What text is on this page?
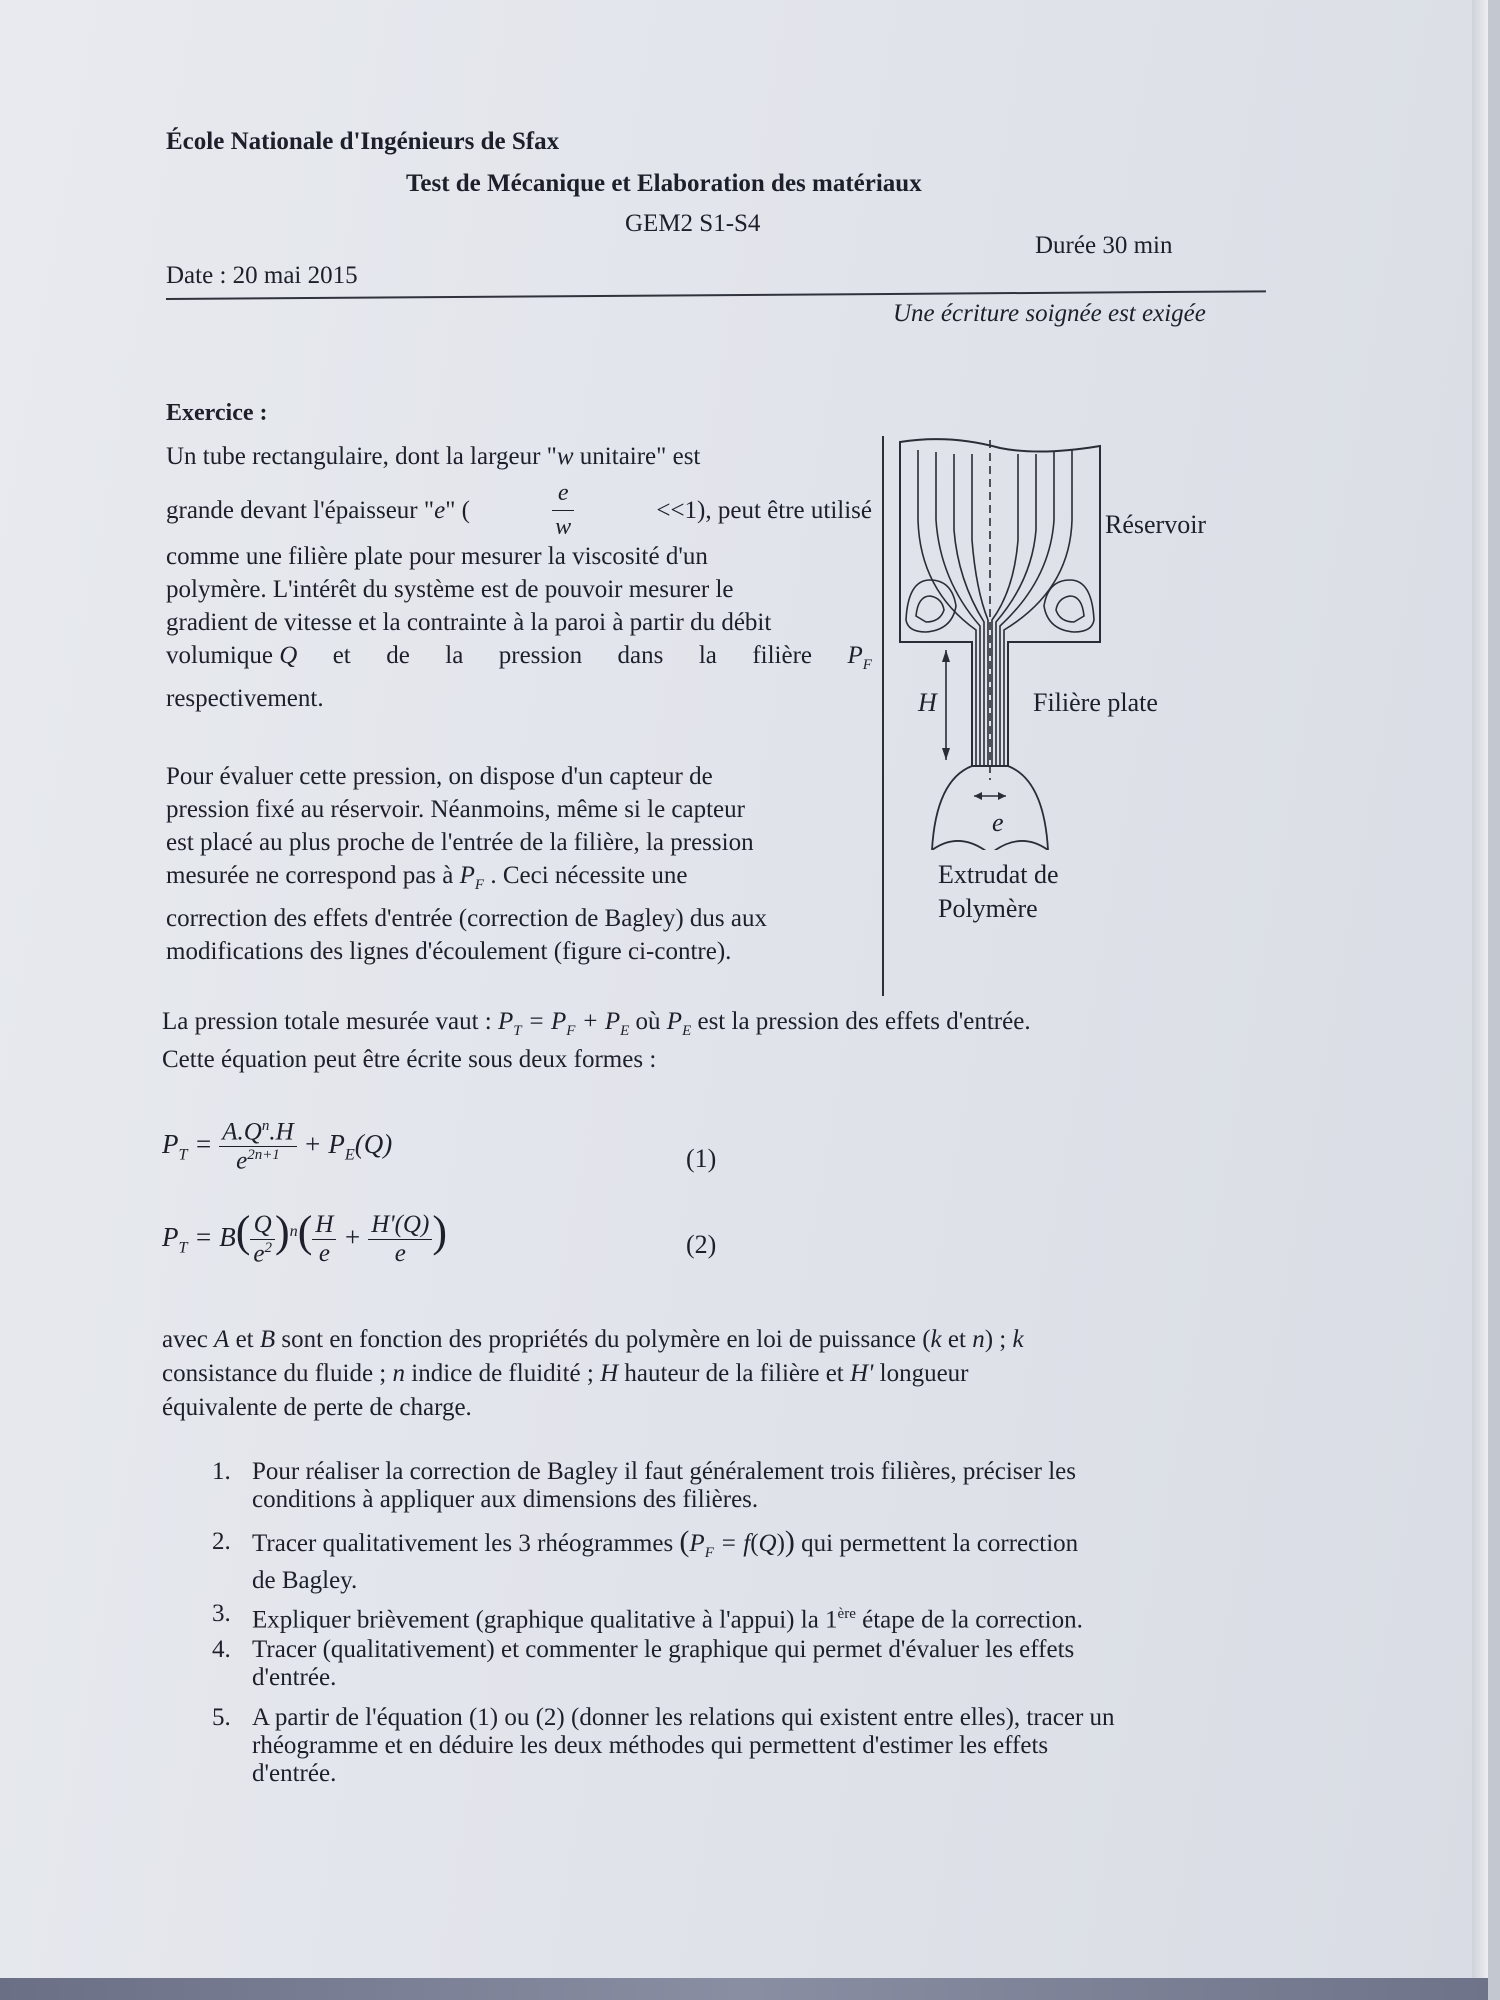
École Nationale d'Ingénieurs de Sfax
Test de Mécanique et Elaboration des matériaux
GEM2 S1-S4
Durée 30 min
Date : 20 mai 2015
Une écriture soignée est exigée
Exercice :
Un tube rectangulaire, dont la largeur "w unitaire" est
grande devant l'épaisseur "e" (	$\frac{e}{w}$	<<1), peut être utilisé
comme une filière plate pour mesurer la viscosité d'un
polymère. L'intérêt du système est de pouvoir mesurer le
gradient de vitesse et la contrainte à la paroi à partir du débit
volumique Q et de la pression dans la filière $P_F$
respectivement.
Pour évaluer cette pression, on dispose d'un capteur de
pression fixé au réservoir. Néanmoins, même si le capteur
est placé au plus proche de l'entrée de la filière, la pression
mesurée ne correspond pas à $P_F$ . Ceci nécessite une
correction des effets d'entrée (correction de Bagley) dus aux
modifications des lignes d'écoulement (figure ci-contre).
Réservoir
Filière plate
H
e
Extrudat de
Polymère
La pression totale mesurée vaut : $P_T = P_F + P_E$ où $P_E$ est la pression des effets d'entrée.
Cette équation peut être écrite sous deux formes :
$P_T = \frac{A.Q^n.H}{e^{2n+1}} + P_E(Q)$	(1)
$P_T = B( \frac{Q}{e^2} )^n( \frac{H}{e} + \frac{H'(Q)}{e}$ )	(2)
avec A et B sont en fonction des propriétés du polymère en loi de puissance (k et n) ; k
consistance du fluide ; n indice de fluidité ; H hauteur de la filière et H' longueur
équivalente de perte de charge.
1. Pour réaliser la correction de Bagley il faut généralement trois filières, préciser les
conditions à appliquer aux dimensions des filières.
2. Tracer qualitativement les 3 rhéogrammes $(P_F = f(Q))$ qui permettent la correction
de Bagley.
3. Expliquer brièvement (graphique qualitative à l'appui) la 1ère étape de la correction.
4. Tracer (qualitativement) et commenter le graphique qui permet d'évaluer les effets
d'entrée.
5. A partir de l'équation (1) ou (2) (donner les relations qui existent entre elles), tracer un
rhéogramme et en déduire les deux méthodes qui permettent d'estimer les effets
d'entrée.
